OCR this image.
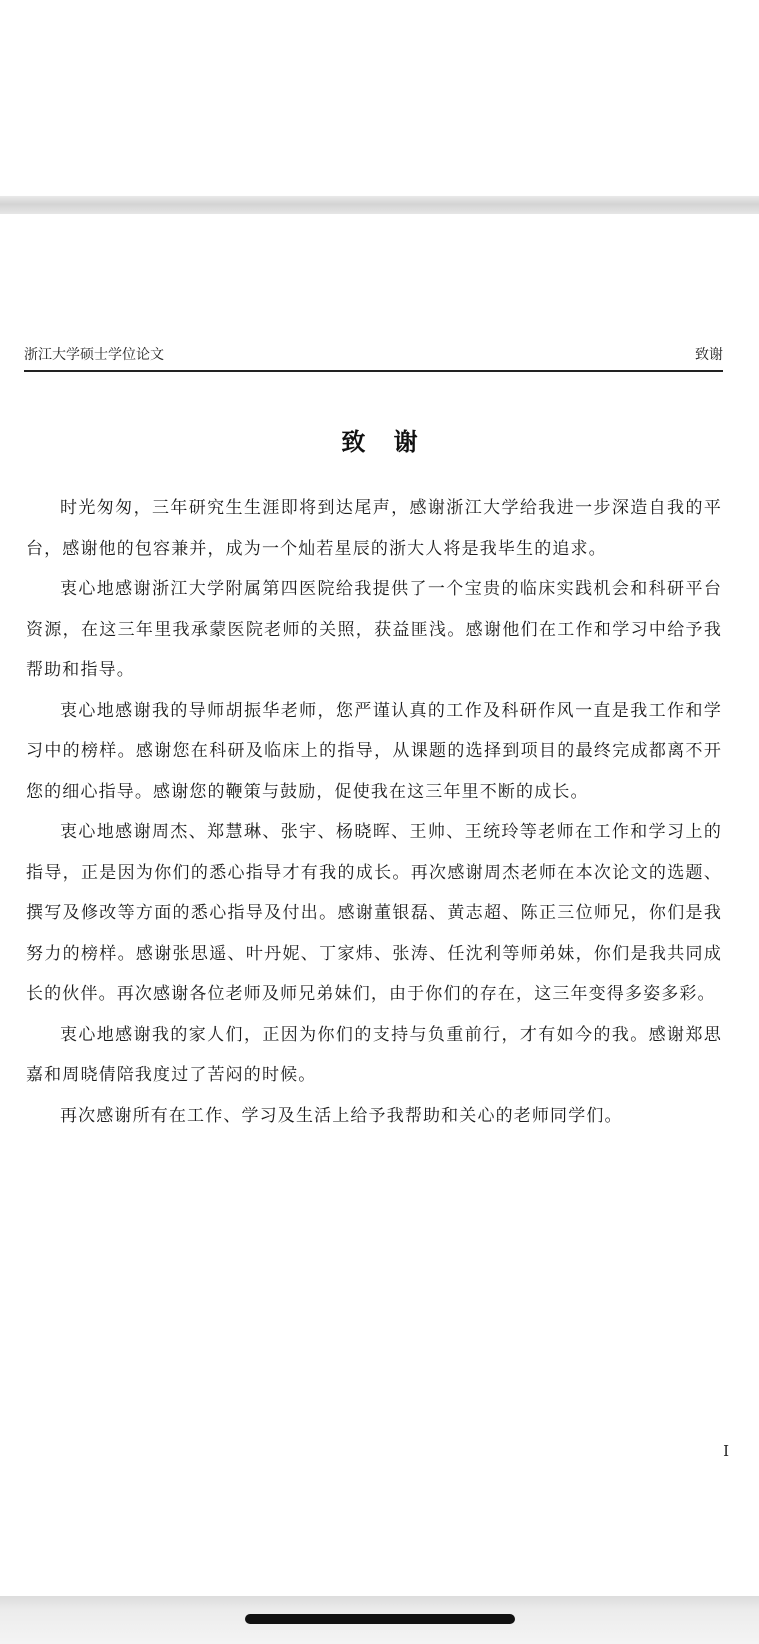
浙江大学硕士学位论文	致谢
致 谢

时光匆匆，三年研究生生涯即将到达尾声，感谢浙江大学给我进一步深造自我的平台，感谢他的包容兼并，成为一个灿若星辰的浙大人将是我毕生的追求。

衷心地感谢浙江大学附属第四医院给我提供了一个宝贵的临床实践机会和科研平台资源，在这三年里我承蒙医院老师的关照，获益匪浅。感谢他们在工作和学习中给予我帮助和指导。

衷心地感谢我的导师胡振华老师，您严谨认真的工作及科研作风一直是我工作和学习中的榜样。感谢您在科研及临床上的指导，从课题的选择到项目的最终完成都离不开您的细心指导。感谢您的鞭策与鼓励，促使我在这三年里不断的成长。

衷心地感谢周杰、郑慧琳、张宇、杨晓晖、王帅、王统玲等老师在工作和学习上的指导，正是因为你们的悉心指导才有我的成长。再次感谢周杰老师在本次论文的选题、撰写及修改等方面的悉心指导及付出。感谢董银磊、黄志超、陈正三位师兄，你们是我努力的榜样。感谢张思遥、叶丹妮、丁家炜、张涛、任沈利等师弟妹，你们是我共同成长的伙伴。再次感谢各位老师及师兄弟妹们，由于你们的存在，这三年变得多姿多彩。

衷心地感谢我的家人们，正因为你们的支持与负重前行，才有如今的我。感谢郑思嘉和周晓倩陪我度过了苦闷的时候。

再次感谢所有在工作、学习及生活上给予我帮助和关心的老师同学们。

I
